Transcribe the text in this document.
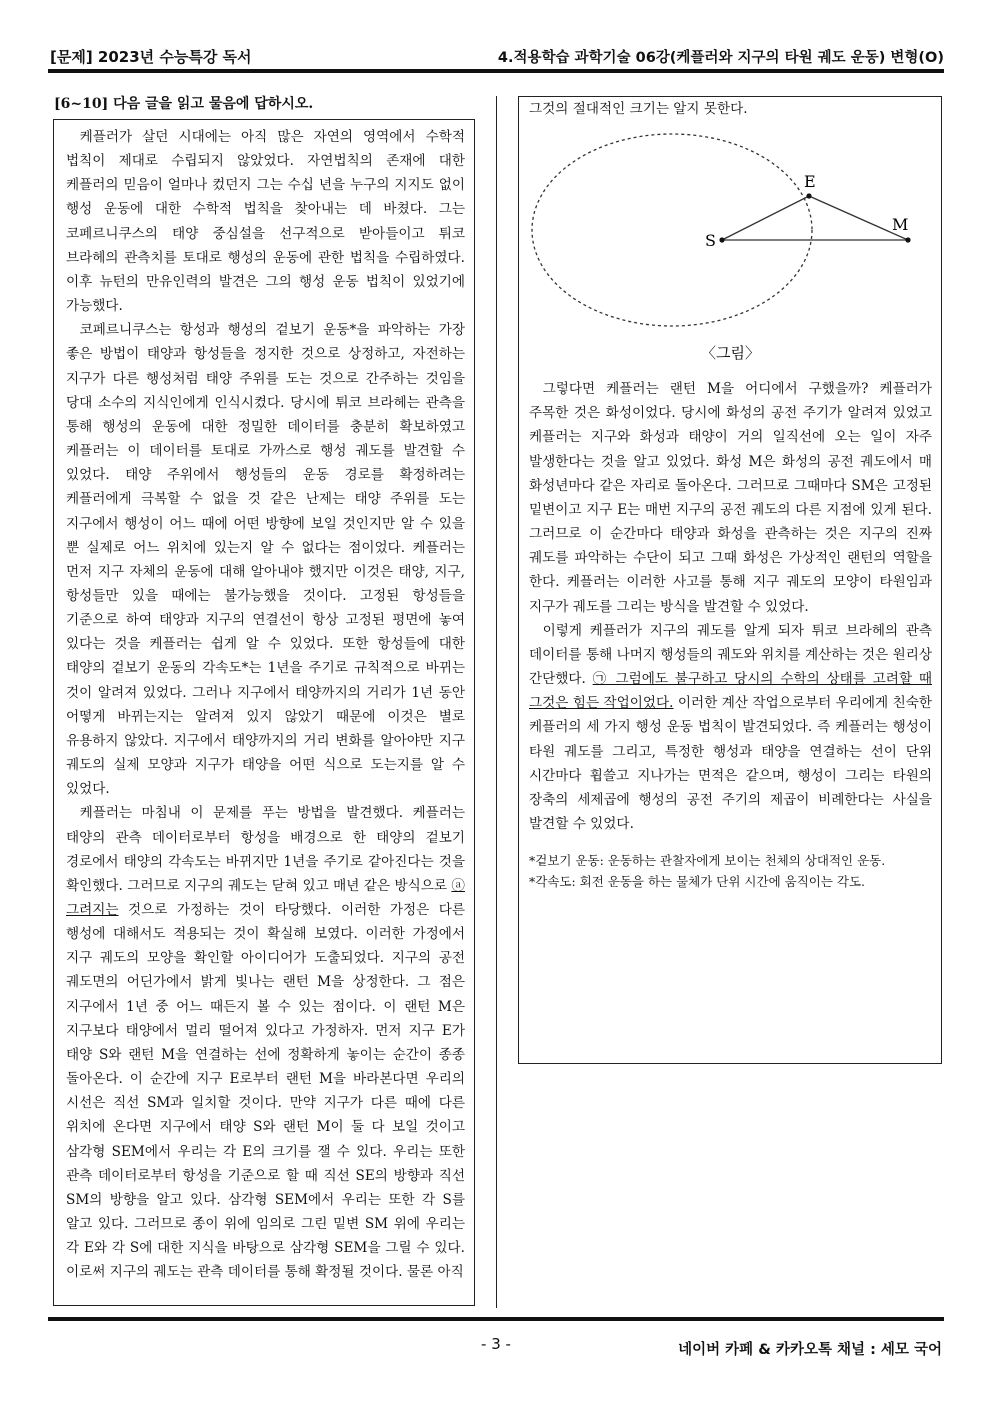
[문제] 2023년 수능특강 독서	4.적용학습 과학기술 06강(케플러와 지구의 타원 궤도 운동) 변형(O)
[6~10] 다음 글을 읽고 물음에 답하시오.

케플러가 살던 시대에는 아직 많은 자연의 영역에서 수학적 법칙이 제대로 수립되지 않았었다. 자연법칙의 존재에 대한 케플러의 믿음이 얼마나 컸던지 그는 수십 년을 누구의 지지도 없이 행성 운동에 대한 수학적 법칙을 찾아내는 데 바쳤다. 그는 코페르니쿠스의 태양 중심설을 선구적으로 받아들이고 튀코 브라헤의 관측치를 토대로 행성의 운동에 관한 법칙을 수립하였다. 이후 뉴턴의 만유인력의 발견은 그의 행성 운동 법칙이 있었기에 가능했다.

코페르니쿠스는 항성과 행성의 겉보기 운동*을 파악하는 가장 좋은 방법이 태양과 항성들을 정지한 것으로 상정하고, 자전하는 지구가 다른 행성처럼 태양 주위를 도는 것으로 간주하는 것임을 당대 소수의 지식인에게 인식시켰다. 당시에 튀코 브라헤는 관측을 통해 행성의 운동에 대한 정밀한 데이터를 충분히 확보하였고 케플러는 이 데이터를 토대로 가까스로 행성 궤도를 발견할 수 있었다. 태양 주위에서 행성들의 운동 경로를 확정하려는 케플러에게 극복할 수 없을 것 같은 난제는 태양 주위를 도는 지구에서 행성이 어느 때에 어떤 방향에 보일 것인지만 알 수 있을 뿐 실제로 어느 위치에 있는지 알 수 없다는 점이었다. 케플러는 먼저 지구 자체의 운동에 대해 알아내야 했지만 이것은 태양, 지구, 항성들만 있을 때에는 불가능했을 것이다. 고정된 항성들을 기준으로 하여 태양과 지구의 연결선이 항상 고정된 평면에 놓여 있다는 것을 케플러는 쉽게 알 수 있었다. 또한 항성들에 대한 태양의 겉보기 운동의 각속도*는 1년을 주기로 규칙적으로 바뀌는 것이 알려져 있었다. 그러나 지구에서 태양까지의 거리가 1년 동안 어떻게 바뀌는지는 알려져 있지 않았기 때문에 이것은 별로 유용하지 않았다. 지구에서 태양까지의 거리 변화를 알아야만 지구 궤도의 실제 모양과 지구가 태양을 어떤 식으로 도는지를 알 수 있었다.

케플러는 마침내 이 문제를 푸는 방법을 발견했다. 케플러는 태양의 관측 데이터로부터 항성을 배경으로 한 태양의 겉보기 경로에서 태양의 각속도는 바뀌지만 1년을 주기로 같아진다는 것을 확인했다. 그러므로 지구의 궤도는 닫혀 있고 매년 같은 방식으로 ⓐ 그려지는 것으로 가정하는 것이 타당했다. 이러한 가정은 다른 행성에 대해서도 적용되는 것이 확실해 보였다. 이러한 가정에서 지구 궤도의 모양을 확인할 아이디어가 도출되었다. 지구의 공전 궤도면의 어딘가에서 밝게 빛나는 랜턴 M을 상정한다. 그 점은 지구에서 1년 중 어느 때든지 볼 수 있는 점이다. 이 랜턴 M은 지구보다 태양에서 멀리 떨어져 있다고 가정하자. 먼저 지구 E가 태양 S와 랜턴 M을 연결하는 선에 정확하게 놓이는 순간이 종종 돌아온다. 이 순간에 지구 E로부터 랜턴 M을 바라본다면 우리의 시선은 직선 SM과 일치할 것이다. 만약 지구가 다른 때에 다른 위치에 온다면 지구에서 태양 S와 랜턴 M이 둘 다 보일 것이고 삼각형 SEM에서 우리는 각 E의 크기를 잴 수 있다. 우리는 또한 관측 데이터로부터 항성을 기준으로 할 때 직선 SE의 방향과 직선 SM의 방향을 알고 있다. 삼각형 SEM에서 우리는 또한 각 S를 알고 있다. 그러므로 종이 위에 임의로 그린 밑변 SM 위에 우리는 각 E와 각 S에 대한 지식을 바탕으로 삼각형 SEM을 그릴 수 있다. 이로써 지구의 궤도는 관측 데이터를 통해 확정될 것이다. 물론 아직

그것의 절대적인 크기는 알지 못한다.

S
E
M
〈그림〉

그렇다면 케플러는 랜턴 M을 어디에서 구했을까? 케플러가 주목한 것은 화성이었다. 당시에 화성의 공전 주기가 알려져 있었고 케플러는 지구와 화성과 태양이 거의 일직선에 오는 일이 자주 발생한다는 것을 알고 있었다. 화성 M은 화성의 공전 궤도에서 매 화성년마다 같은 자리로 돌아온다. 그러므로 그때마다 SM은 고정된 밑변이고 지구 E는 매번 지구의 공전 궤도의 다른 지점에 있게 된다. 그러므로 이 순간마다 태양과 화성을 관측하는 것은 지구의 진짜 궤도를 파악하는 수단이 되고 그때 화성은 가상적인 랜턴의 역할을 한다. 케플러는 이러한 사고를 통해 지구 궤도의 모양이 타원임과 지구가 궤도를 그리는 방식을 발견할 수 있었다.

이렇게 케플러가 지구의 궤도를 알게 되자 튀코 브라헤의 관측 데이터를 통해 나머지 행성들의 궤도와 위치를 계산하는 것은 원리상 간단했다. ㉠ 그럼에도 불구하고 당시의 수학의 상태를 고려할 때 그것은 힘든 작업이었다. 이러한 계산 작업으로부터 우리에게 친숙한 케플러의 세 가지 행성 운동 법칙이 발견되었다. 즉 케플러는 행성이 타원 궤도를 그리고, 특정한 행성과 태양을 연결하는 선이 단위 시간마다 휩쓸고 지나가는 면적은 같으며, 행성이 그리는 타원의 장축의 세제곱에 행성의 공전 주기의 제곱이 비례한다는 사실을 발견할 수 있었다.

*겉보기 운동: 운동하는 관찰자에게 보이는 천체의 상대적인 운동.
*각속도: 회전 운동을 하는 물체가 단위 시간에 움직이는 각도.
- 3 -	네이버 카페 & 카카오톡 채널 : 세모 국어
